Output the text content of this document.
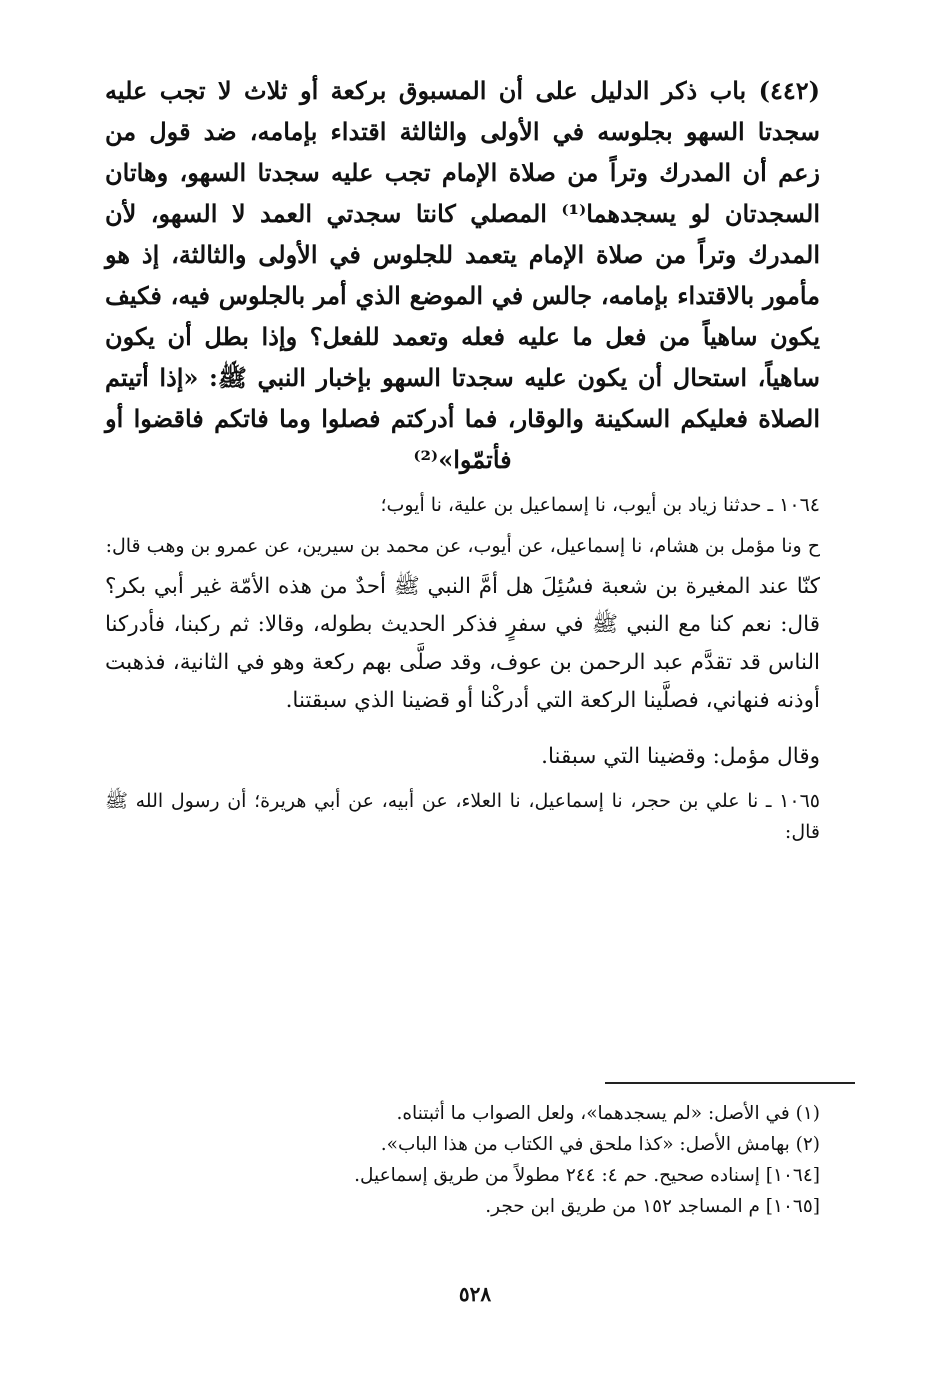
(٤٤٢) باب ذكر الدليل على أن المسبوق بركعة أو ثلاث لا تجب عليه سجدتا السهو بجلوسه في الأولى والثالثة اقتداء بإمامه، ضد قول من زعم أن المدرك وتراً من صلاة الإمام تجب عليه سجدتا السهو، وهاتان السجدتان لو يسجدهما⁽¹⁾ المصلي كانتا سجدتي العمد لا السهو، لأن المدرك وتراً من صلاة الإمام يتعمد للجلوس في الأولى والثالثة، إذ هو مأمور بالاقتداء بإمامه، جالس في الموضع الذي أمر بالجلوس فيه، فكيف يكون ساهياً من فعل ما عليه فعله وتعمد للفعل؟ وإذا بطل أن يكون ساهياً، استحال أن يكون عليه سجدتا السهو بإخبار النبي ﷺ: «إذا أتيتم الصلاة فعليكم السكينة والوقار، فما أدركتم فصلوا وما فاتكم فاقضوا أو فأتمّوا»⁽²⁾

١٠٦٤ ـ حدثنا زياد بن أيوب، نا إسماعيل بن علية، نا أيوب؛

ح ونا مؤمل بن هشام، نا إسماعيل، عن أيوب، عن محمد بن سيرين، عن عمرو بن وهب قال:

كنّا عند المغيرة بن شعبة فسُئِلَ هل أمَّ النبي ﷺ أحدٌ من هذه الأمّة غير أبي بكر؟ قال: نعم كنا مع النبي ﷺ في سفرٍ فذكر الحديث بطوله، وقالا: ثم ركبنا، فأدركنا الناس قد تقدَّم عبد الرحمن بن عوف، وقد صلَّى بهم ركعة وهو في الثانية، فذهبت أوذنه فنهاني، فصلَّينا الركعة التي أدركْنا أو قضينا الذي سبقتنا.

وقال مؤمل: وقضينا التي سبقنا.

١٠٦٥ ـ نا علي بن حجر، نا إسماعيل، نا العلاء، عن أبيه، عن أبي هريرة؛ أن رسول الله ﷺ قال:

(١) في الأصل: «لم يسجدهما»، ولعل الصواب ما أثبتناه.

(٢) بهامش الأصل: «كذا ملحق في الكتاب من هذا الباب».

[١٠٦٤] إسناده صحيح. حم ٤: ٢٤٤ مطولاً من طريق إسماعيل.

[١٠٦٥] م المساجد ١٥٢ من طريق ابن حجر.

٥٢٨
